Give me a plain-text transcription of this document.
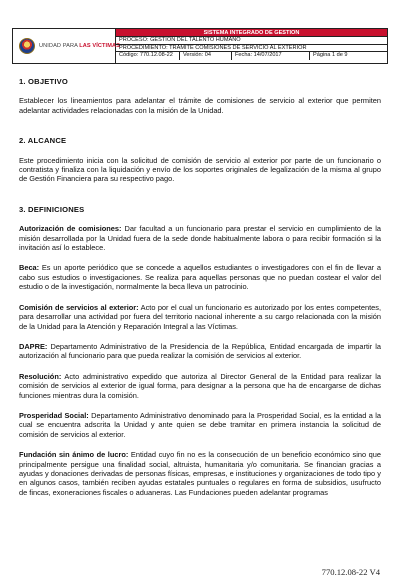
UNIDAD PARA LAS VÍCTIMAS
SISTEMA INTEGRADO DE GESTION
PROCESO: GESTIÓN DEL TALENTO HUMANO
PROCEDIMIENTO: TRÁMITE COMISIONES DE SERVICIO AL EXTERIOR
Código: 770.12.08-22	Versión: 04	Fecha: 14/07/2017	Página 1 de 9
1. OBJETIVO

Establecer los lineamientos para adelantar el trámite de comisiones de servicio al exterior que permiten adelantar actividades relacionadas con la misión de la Unidad.

2. ALCANCE

Este procedimiento inicia con la solicitud de comisión de servicio al exterior por parte de un funcionario o contratista y finaliza con la liquidación y envío de los soportes originales de legalización de la misma al grupo de Gestión Financiera para su respectivo pago.

3. DEFINICIONES

Autorización de comisiones: Dar facultad a un funcionario para prestar el servicio en cumplimiento de la misión desarrollada por la Unidad fuera de la sede donde habitualmente labora o para recibir formación si la invitación así lo establece.

Beca: Es un aporte periódico que se concede a aquellos estudiantes o investigadores con el fin de llevar a cabo sus estudios o investigaciones. Se realiza para aquellas personas que no puedan costear el valor del estudio o de la investigación, normalmente la beca lleva un patrocinio.

Comisión de servicios al exterior: Acto por el cual un funcionario es autorizado por los entes competentes, para desarrollar una actividad por fuera del territorio nacional inherente a su cargo relacionada con la misión de la Unidad para la Atención y Reparación Integral a las Víctimas.

DAPRE: Departamento Administrativo de la Presidencia de la República, Entidad encargada de impartir la autorización al funcionario para que pueda realizar la comisión de servicios al exterior.

Resolución: Acto administrativo expedido que autoriza al Director General de la Entidad para realizar la comisión de servicios al exterior de igual forma, para designar a la persona que ha de encargarse de dichas funciones mientras dura la comisión.

Prosperidad Social: Departamento Administrativo denominado para la Prosperidad Social, es la entidad a la cual se encuentra adscrita la Unidad y ante quien se debe tramitar en primera instancia la solicitud de comisión de servicios al exterior.

Fundación sin ánimo de lucro: Entidad cuyo fin no es la consecución de un beneficio económico sino que principalmente persigue una finalidad social, altruista, humanitaria y/o comunitaria. Se financian gracias a ayudas y donaciones derivadas de personas físicas, empresas, e instituciones y organizaciones de todo tipo y en algunos casos, también reciben ayudas estatales puntuales o regulares en forma de subsidios, usufructo de fincas, exoneraciones fiscales o aduaneras. Las Fundaciones pueden adelantar programas

770.12.08-22 V4
